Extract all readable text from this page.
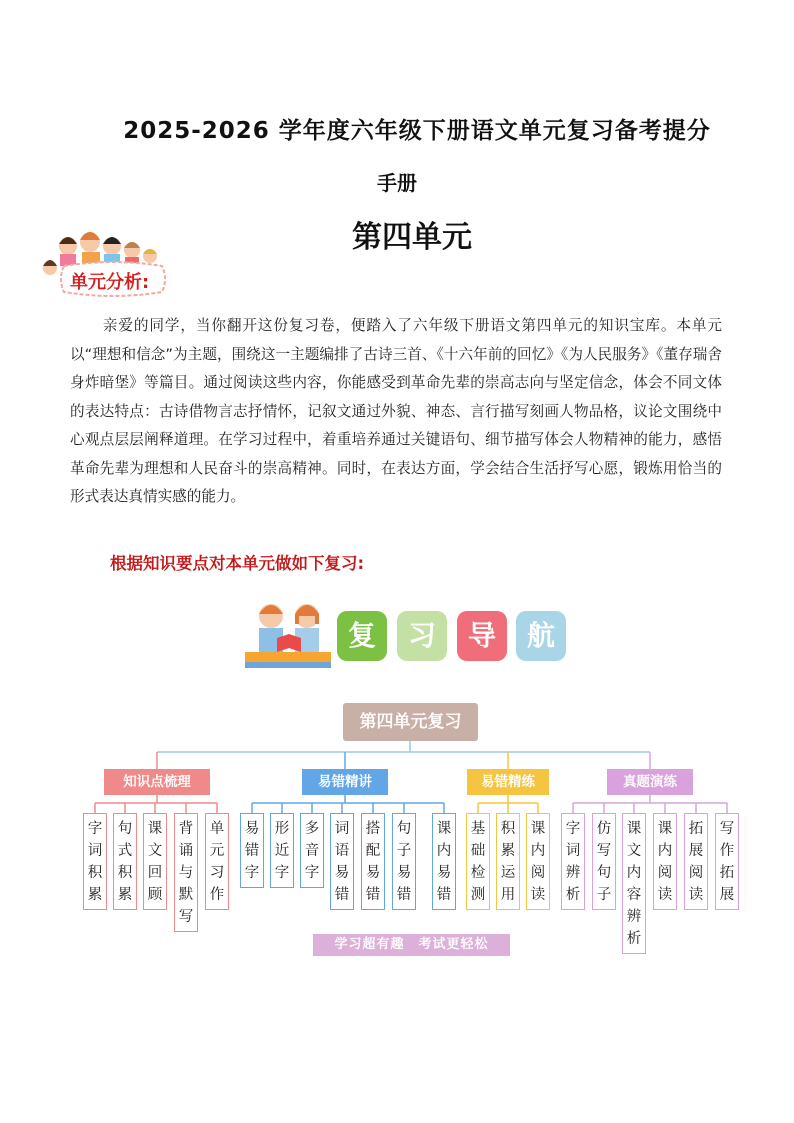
2025-2026 学年度六年级下册语文单元复习备考提分
手册
第四单元
单元分析:
亲爱的同学，当你翻开这份复习卷，便踏入了六年级下册语文第四单元的知识宝库。本单元以“理想和信念”为主题，围绕这一主题编排了古诗三首、《十六年前的回忆》《为人民服务》《董存瑞舍身炸暗堡》等篇目。通过阅读这些内容，你能感受到革命先辈的崇高志向与坚定信念，体会不同文体的表达特点：古诗借物言志抒情怀，记叙文通过外貌、神态、言行描写刻画人物品格，议论文围绕中心观点层层阐释道理。在学习过程中，着重培养通过关键语句、细节描写体会人物精神的能力，感悟革命先辈为理想和人民奋斗的崇高精神。同时，在表达方面，学会结合生活抒写心愿，锻炼用恰当的形式表达真情实感的能力。
根据知识要点对本单元做如下复习:
复	习	导	航
第四单元复习
知识点梳理
字词积累
句式积累
课文回顾
背诵与默写
单元习作
易错精讲
易错字
形近字
多音字
词语易错
搭配易错
句子易错
课内易错
易错精练
基础检测
积累运用
课内阅读
真题演练
字词辨析
仿写句子
课文内容辨析
课内阅读
拓展阅读
写作拓展
学习超有趣　考试更轻松
